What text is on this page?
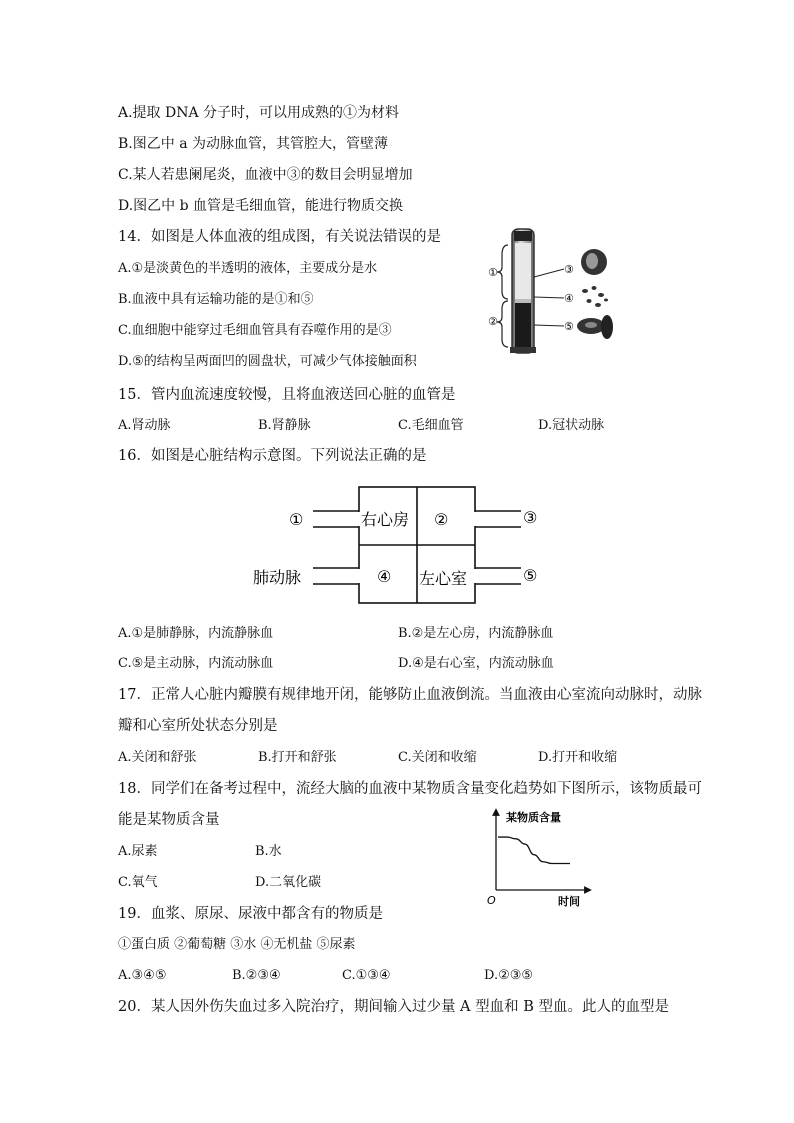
A.提取 DNA 分子时，可以用成熟的①为材料
B.图乙中 a 为动脉血管，其管腔大，管壁薄
C.某人若患阑尾炎，血液中③的数目会明显增加
D.图乙中 b 血管是毛细血管，能进行物质交换
14．如图是人体血液的组成图，有关说法错误的是
A.①是淡黄色的半透明的液体，主要成分是水
B.血液中具有运输功能的是①和⑤
C.血细胞中能穿过毛细血管具有吞噬作用的是③
D.⑤的结构呈两面凹的圆盘状，可减少气体接触面积
①
②
③
④
⑤
15．管内血流速度较慢，且将血液送回心脏的血管是
A.肾动脉	B.肾静脉	C.毛细血管	D.冠状动脉
16．如图是心脏结构示意图。下列说法正确的是
①	右心房 ②	③
肺动脉	④ 左心室	⑤
A.①是肺静脉，内流静脉血	B.②是左心房，内流静脉血
C.⑤是主动脉，内流动脉血	D.④是右心室，内流动脉血
17．正常人心脏内瓣膜有规律地开闭，能够防止血液倒流。当血液由心室流向动脉时，动脉
瓣和心室所处状态分别是
A.关闭和舒张	B.打开和舒张	C.关闭和收缩	D.打开和收缩
18．同学们在备考过程中，流经大脑的血液中某物质含量变化趋势如下图所示，该物质最可
能是某物质含量
A.尿素	B.水
C.氧气	D.二氧化碳
某物质含量
时间
O
19．血浆、原尿、尿液中都含有的物质是
①蛋白质 ②葡萄糖 ③水 ④无机盐 ⑤尿素
A.③④⑤	B.②③④	C.①③④	D.②③⑤
20．某人因外伤失血过多入院治疗，期间输入过少量 A 型血和 B 型血。此人的血型是
